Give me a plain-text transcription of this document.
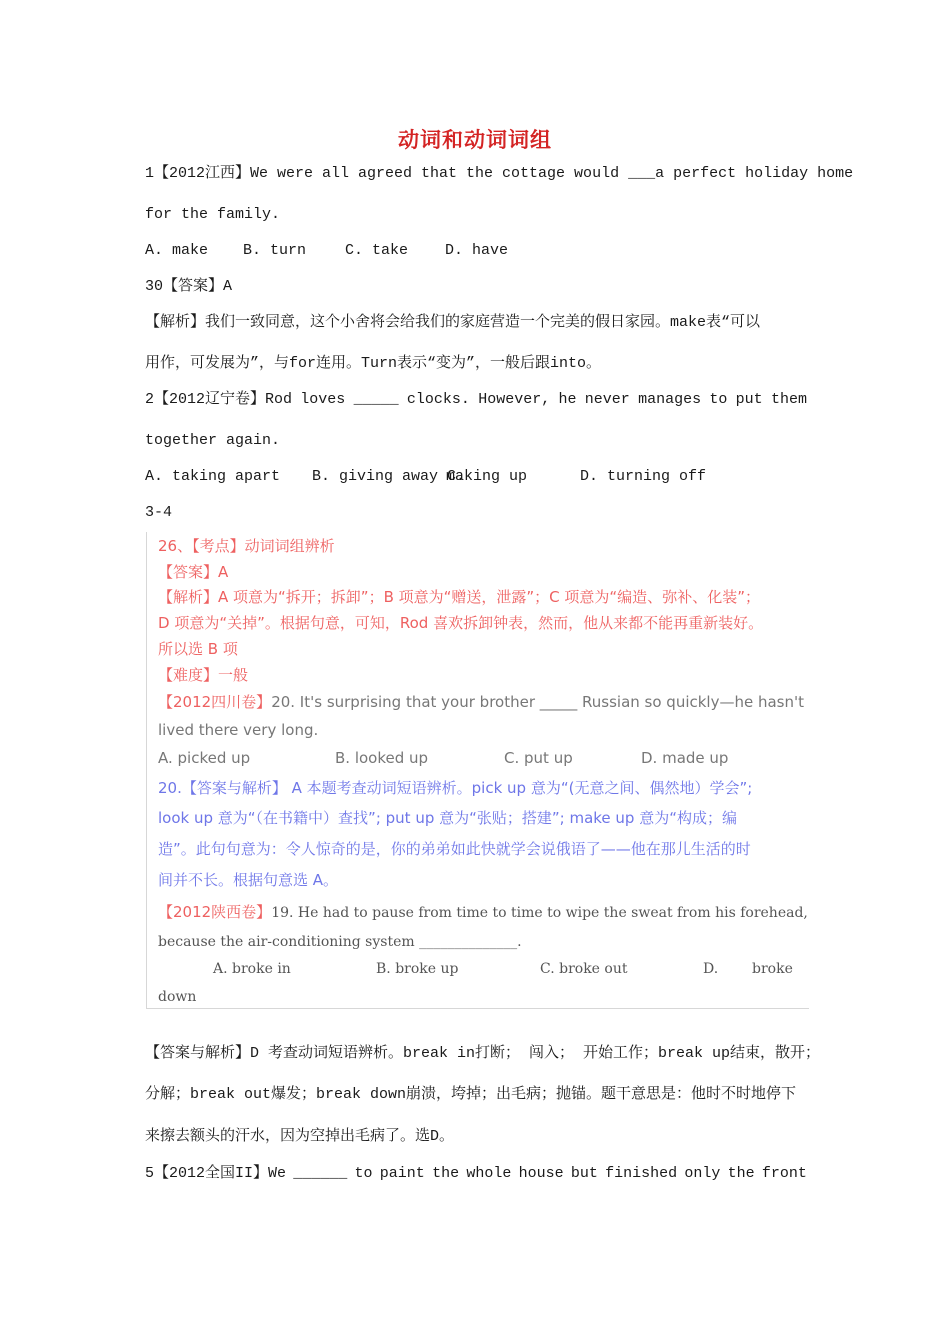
动词和动词词组
1【2012江西】We were all agreed that the cottage would ___a perfect holiday home
for the family.
A. make B. turn	C. take D. have
30【答案】A
【解析】我们一致同意，这个小舍将会给我们的家庭营造一个完美的假日家园。make表“可以
用作，可发展为”，与for连用。Turn表示“变为”，一般后跟into。
2【2012辽宁卷】Rod loves _____ clocks. However, he never manages to put them
together again.
A. taking apart B. giving away C.making up	D. turning off
3-4
26、【考点】动词词组辨析
【答案】A
【解析】A 项意为“拆开；拆卸”；B 项意为“赠送，泄露”；C 项意为“编造、弥补、化装”；
D 项意为“关掉”。根据句意，可知，Rod 喜欢拆卸钟表，然而，他从来都不能再重新装好。
所以选 B 项
【难度】一般
【2012四川卷】20. It's surprising that your brother _____ Russian so quickly—he hasn't
lived there very long.
A. picked up	B. looked up	C. put up	D. made up
20.【答案与解析】 A 本题考查动词短语辨析。pick up 意为“(无意之间、偶然地）学会”;
look up 意为“（在书籍中）查找”; put up 意为“张贴；搭建”; make up 意为“构成；编
造”。此句句意为：令人惊奇的是，你的弟弟如此快就学会说俄语了——他在那儿生活的时
间并不长。根据句意选 A。
【2012陕西卷】19. He had to pause from time to time to wipe the sweat from his forehead,
because the air-conditioning system ______________.
A. broke in	B. broke up	C. broke out	D. broke
down
【答案与解析】D 考查动词短语辨析。break in打断； 闯入； 开始工作；break up结束，散开；
分解；break out爆发；break down崩溃，垮掉；出毛病；抛锚。题干意思是：他时不时地停下
来擦去额头的汗水，因为空掉出毛病了。选D。
5【2012全国II】We ______ to paint the whole house but finished only the front
